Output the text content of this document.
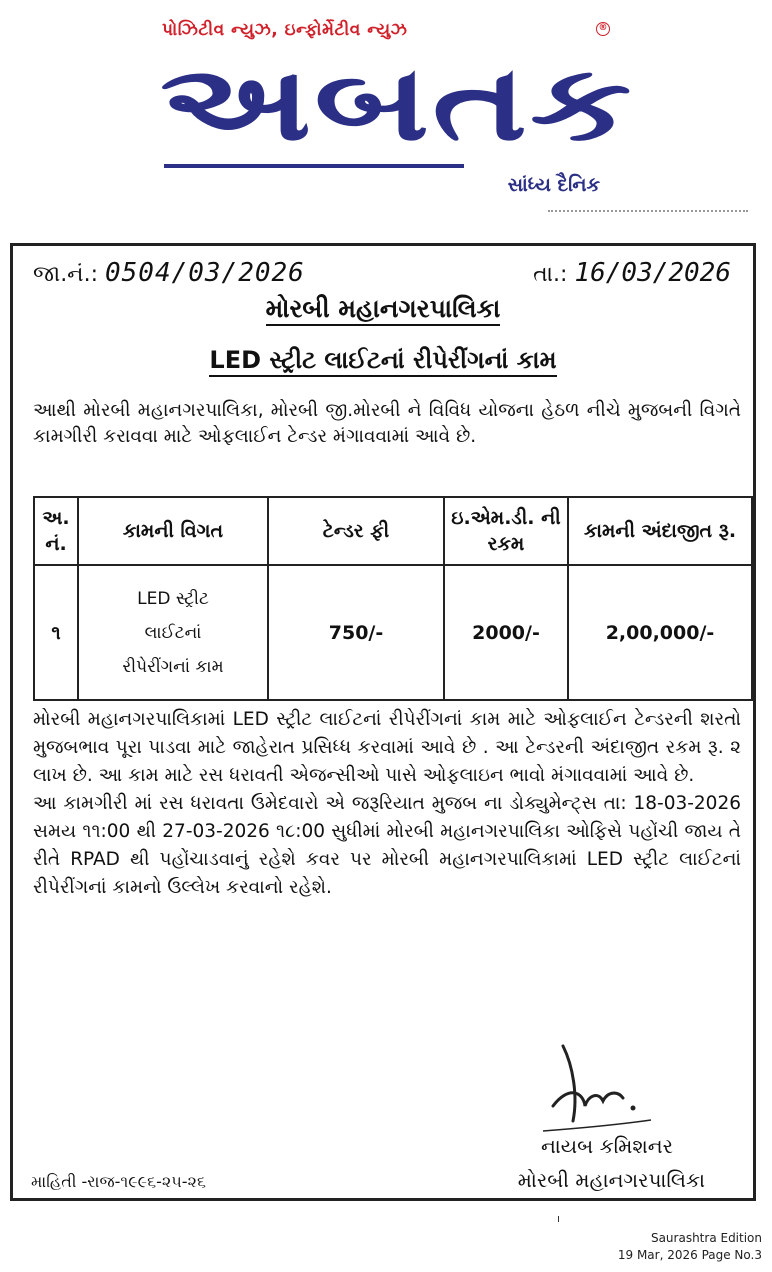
પોઝિટીવ ન્યુઝ, ઇન્ફોર્મેટીવ ન્યુઝ	®
અબતક
સાંધ્ય દૈનિક
જા.નં.: 0504/03/2026	તા.: 16/03/2026
મોરબી મહાનગરપાલિકા
LED સ્ટ્રીટ લાઈટનાં રીપેરીંગનાં કામ
આથી મોરબી મહાનગરપાલિકા, મોરબી જી.મોરબી ને વિવિધ યોજના હેઠળ નીચે મુજબની વિગતે કામગીરી કરાવવા માટે ઓફલાઈન ટેન્ડર મંગાવવામાં આવે છે.
અ. નં.	કામની વિગત	ટેન્ડર ફી	ઇ.એમ.ડી. ની રકમ	કામની અંદાજીત રૂ.
૧	LED સ્ટ્રીટ
લાઈટનાં
રીપેરીંગનાં કામ	750/-	2000/-	2,00,000/-

મોરબી મહાનગરપાલિકામાં LED સ્ટ્રીટ લાઈટનાં રીપેરીંગનાં કામ માટે ઓફલાઈન ટેન્ડરની શરતો મુજબભાવ પૂરા પાડવા માટે જાહેરાત પ્રસિધ્ધ કરવામાં આવે છે . આ ટેન્ડરની અંદાજીત રકમ રૂ. ૨ લાખ છે. આ કામ માટે રસ ધરાવતી એજન્સીઓ પાસે ઓફલાઇન ભાવો મંગાવવામાં આવે છે.

આ કામગીરી માં રસ ધરાવતા ઉમેદવારો એ જરૂરિયાત મુજબ ના ડોક્યુમેન્ટ્સ તા: 18-03-2026 સમય ૧૧:00 થી 27-03-2026 ૧૮:00 સુધીમાં મોરબી મહાનગરપાલિકા ઓફિસે પહોંચી જાય તે રીતે RPAD થી પહોંચાડવાનું રહેશે કવર પર મોરબી મહાનગરપાલિકામાં LED સ્ટ્રીટ લાઈટનાં રીપેરીંગનાં કામનો ઉલ્લેખ કરવાનો રહેશે.

નાયબ કમિશનર
મોરબી મહાનગરપાલિકા
માહિતી -રાજ-૧૯૯૬-૨૫-૨૬
Saurashtra Edition
19 Mar, 2026 Page No.3
